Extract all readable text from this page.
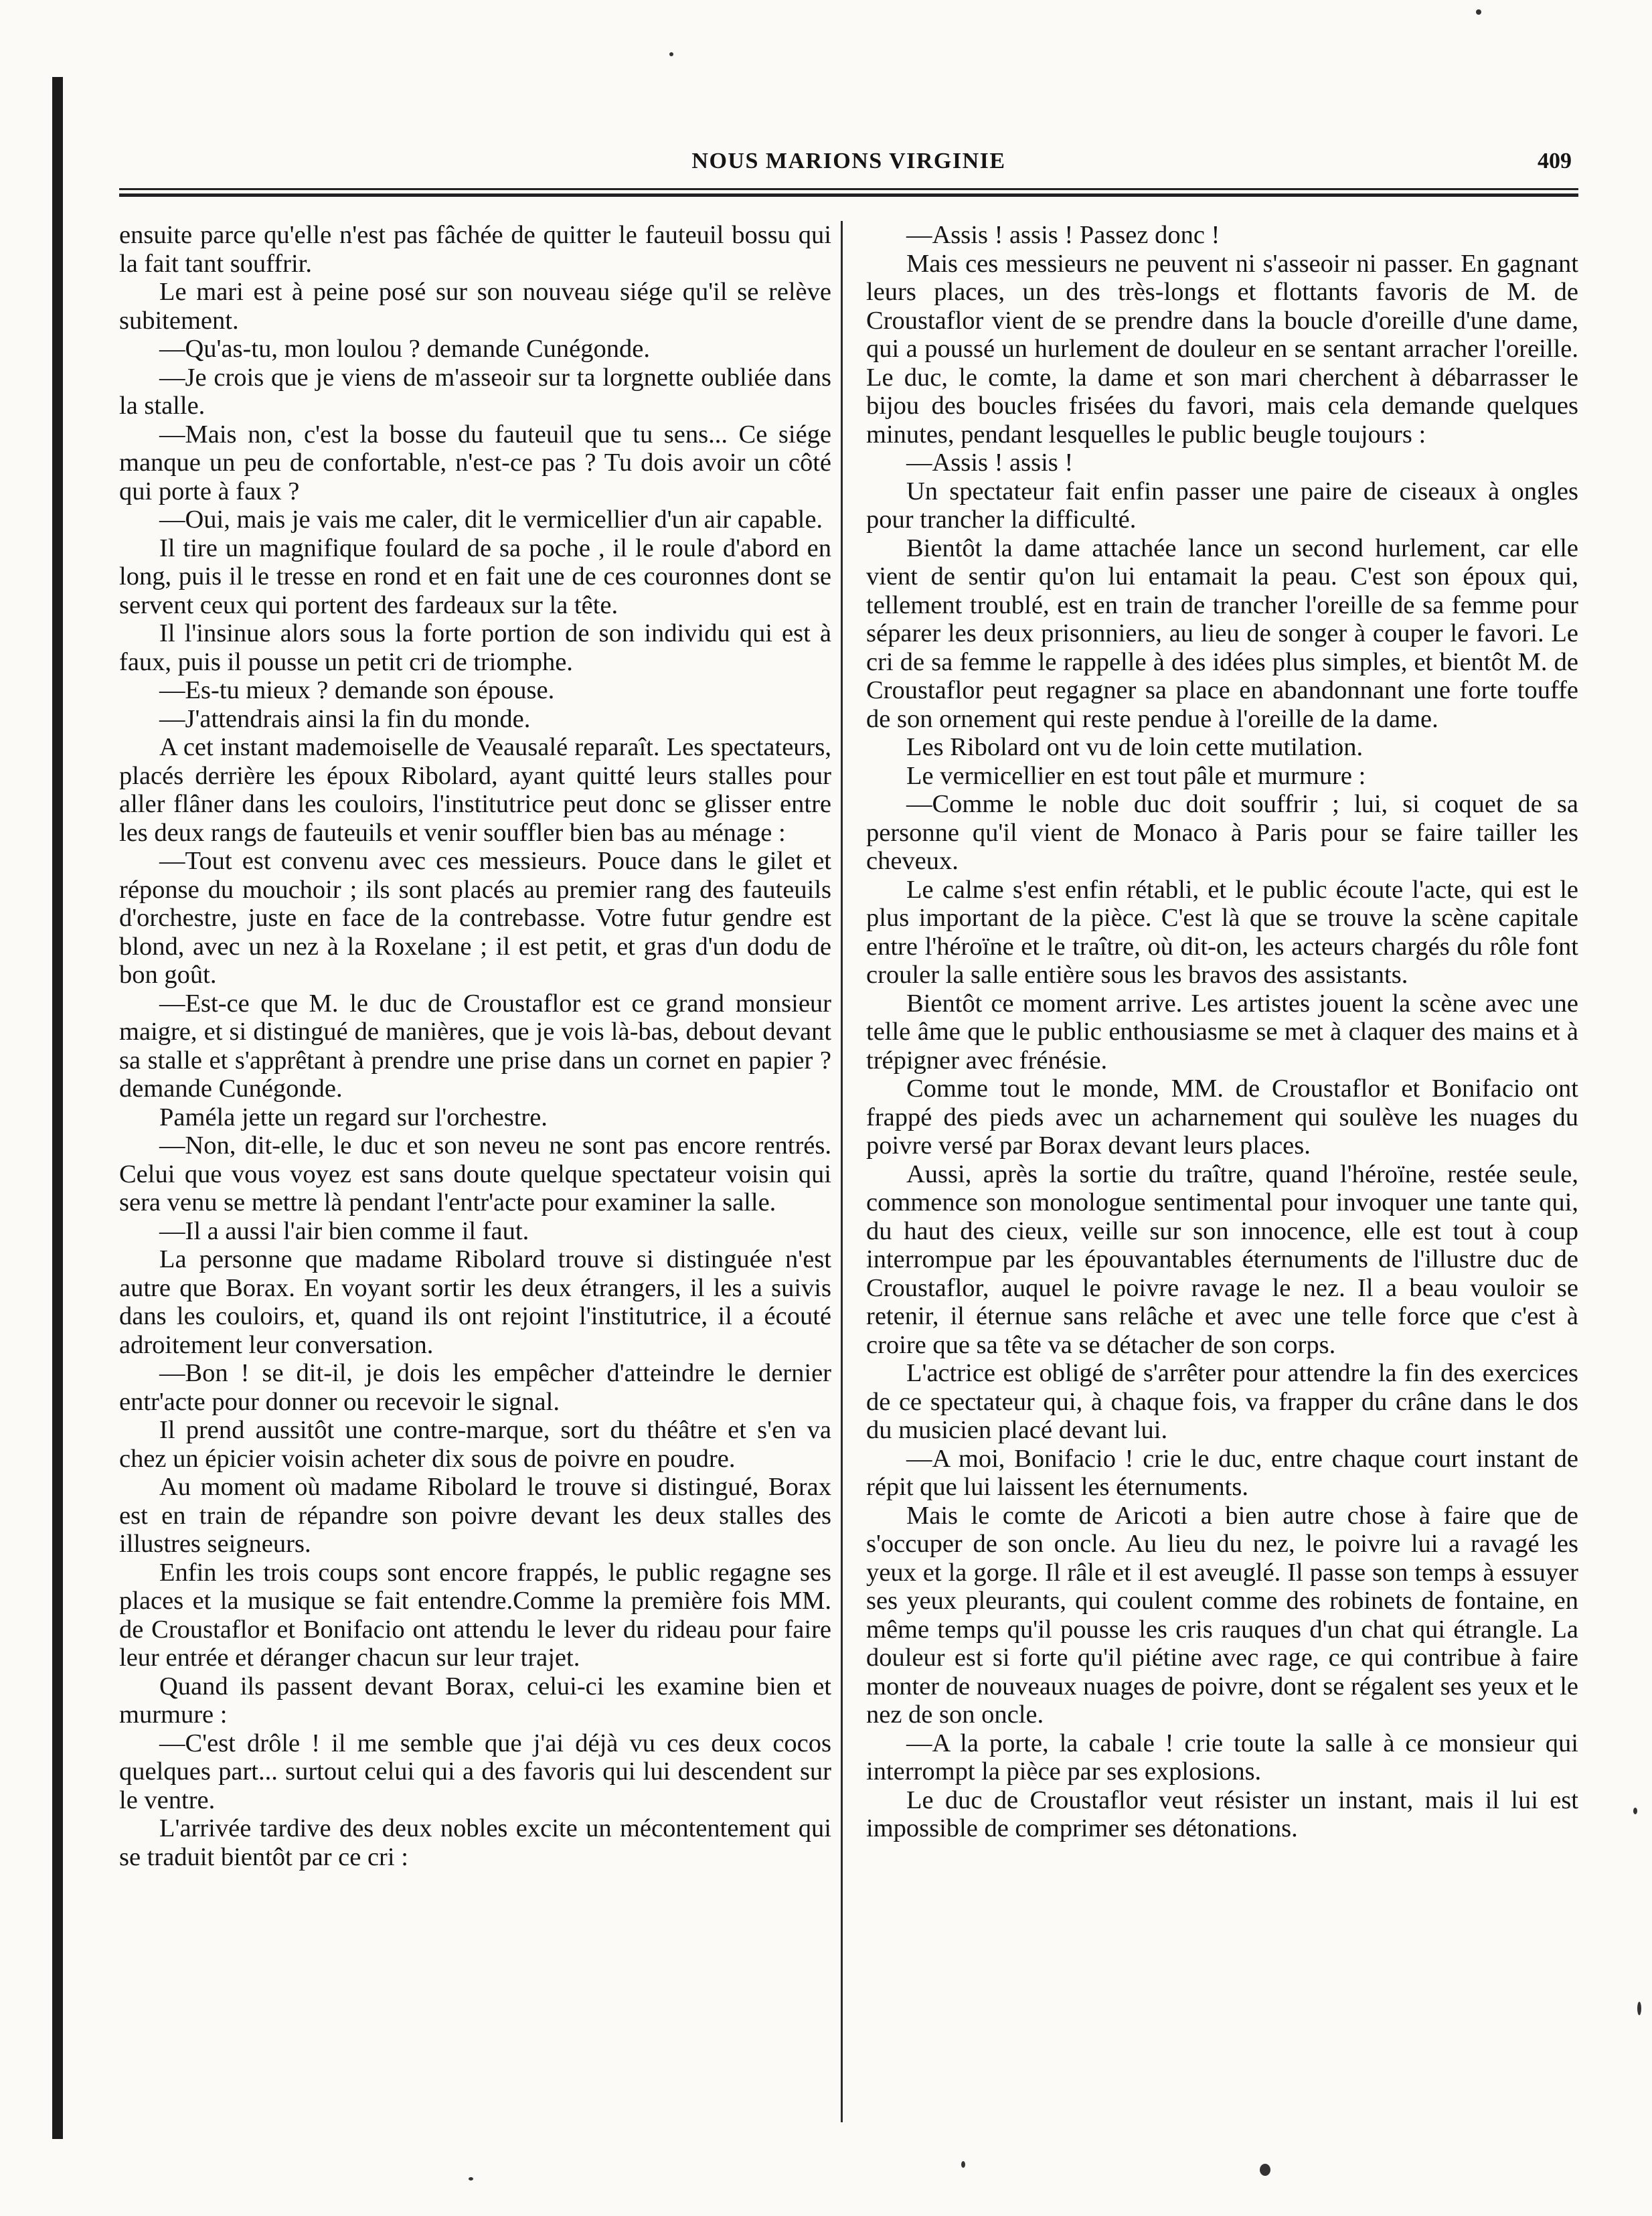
NOUS MARIONS VIRGINIE	409

ensuite parce qu'elle n'est pas fâchée de quitter le fauteuil bossu qui la fait tant souffrir.

Le mari est à peine posé sur son nouveau siége qu'il se relève subitement.

—Qu'as-tu, mon loulou ? demande Cunégonde.

—Je crois que je viens de m'asseoir sur ta lorgnette oubliée dans la stalle.

—Mais non, c'est la bosse du fauteuil que tu sens... Ce siége manque un peu de confortable, n'est-ce pas ? Tu dois avoir un côté qui porte à faux ?

—Oui, mais je vais me caler, dit le vermicellier d'un air capable.

Il tire un magnifique foulard de sa poche , il le roule d'abord en long, puis il le tresse en rond et en fait une de ces couronnes dont se servent ceux qui portent des fardeaux sur la tête.

Il l'insinue alors sous la forte portion de son individu qui est à faux, puis il pousse un petit cri de triomphe.

—Es-tu mieux ? demande son épouse.

—J'attendrais ainsi la fin du monde.

A cet instant mademoiselle de Veausalé reparaît. Les spectateurs, placés derrière les époux Ribolard, ayant quitté leurs stalles pour aller flâner dans les couloirs, l'institutrice peut donc se glisser entre les deux rangs de fauteuils et venir souffler bien bas au ménage :

—Tout est convenu avec ces messieurs. Pouce dans le gilet et réponse du mouchoir ; ils sont placés au premier rang des fauteuils d'orchestre, juste en face de la contrebasse. Votre futur gendre est blond, avec un nez à la Roxelane ; il est petit, et gras d'un dodu de bon goût.

—Est-ce que M. le duc de Croustaflor est ce grand monsieur maigre, et si distingué de manières, que je vois là-bas, debout devant sa stalle et s'apprêtant à prendre une prise dans un cornet en papier ? demande Cunégonde.

Paméla jette un regard sur l'orchestre.

—Non, dit-elle, le duc et son neveu ne sont pas encore rentrés. Celui que vous voyez est sans doute quelque spectateur voisin qui sera venu se mettre là pendant l'entr'acte pour examiner la salle.

—Il a aussi l'air bien comme il faut.

La personne que madame Ribolard trouve si distinguée n'est autre que Borax. En voyant sortir les deux étrangers, il les a suivis dans les couloirs, et, quand ils ont rejoint l'institutrice, il a écouté adroitement leur conversation.

—Bon ! se dit-il, je dois les empêcher d'atteindre le dernier entr'acte pour donner ou recevoir le signal.

Il prend aussitôt une contre-marque, sort du théâtre et s'en va chez un épicier voisin acheter dix sous de poivre en poudre.

Au moment où madame Ribolard le trouve si distingué, Borax est en train de répandre son poivre devant les deux stalles des illustres seigneurs.

Enfin les trois coups sont encore frappés, le public regagne ses places et la musique se fait entendre.Comme la première fois MM. de Croustaflor et Bonifacio ont attendu le lever du rideau pour faire leur entrée et déranger chacun sur leur trajet.

Quand ils passent devant Borax, celui-ci les examine bien et murmure :

—C'est drôle ! il me semble que j'ai déjà vu ces deux cocos quelques part... surtout celui qui a des favoris qui lui descendent sur le ventre.

L'arrivée tardive des deux nobles excite un mécontentement qui se traduit bientôt par ce cri :

—Assis ! assis ! Passez donc !

Mais ces messieurs ne peuvent ni s'asseoir ni passer. En gagnant leurs places, un des très-longs et flottants favoris de M. de Croustaflor vient de se prendre dans la boucle d'oreille d'une dame, qui a poussé un hurlement de douleur en se sentant arracher l'oreille. Le duc, le comte, la dame et son mari cherchent à débarrasser le bijou des boucles frisées du favori, mais cela demande quelques minutes, pendant lesquelles le public beugle toujours :

—Assis ! assis !

Un spectateur fait enfin passer une paire de ciseaux à ongles pour trancher la difficulté.

Bientôt la dame attachée lance un second hurlement, car elle vient de sentir qu'on lui entamait la peau. C'est son époux qui, tellement troublé, est en train de trancher l'oreille de sa femme pour séparer les deux prisonniers, au lieu de songer à couper le favori. Le cri de sa femme le rappelle à des idées plus simples, et bientôt M. de Croustaflor peut regagner sa place en abandonnant une forte touffe de son ornement qui reste pendue à l'oreille de la dame.

Les Ribolard ont vu de loin cette mutilation.

Le vermicellier en est tout pâle et murmure :

—Comme le noble duc doit souffrir ; lui, si coquet de sa personne qu'il vient de Monaco à Paris pour se faire tailler les cheveux.

Le calme s'est enfin rétabli, et le public écoute l'acte, qui est le plus important de la pièce. C'est là que se trouve la scène capitale entre l'héroïne et le traître, où dit-on, les acteurs chargés du rôle font crouler la salle entière sous les bravos des assistants.

Bientôt ce moment arrive. Les artistes jouent la scène avec une telle âme que le public enthousiasme se met à claquer des mains et à trépigner avec frénésie.

Comme tout le monde, MM. de Croustaflor et Bonifacio ont frappé des pieds avec un acharnement qui soulève les nuages du poivre versé par Borax devant leurs places.

Aussi, après la sortie du traître, quand l'héroïne, restée seule, commence son monologue sentimental pour invoquer une tante qui, du haut des cieux, veille sur son innocence, elle est tout à coup interrompue par les épouvantables éternuments de l'illustre duc de Croustaflor, auquel le poivre ravage le nez. Il a beau vouloir se retenir, il éternue sans relâche et avec une telle force que c'est à croire que sa tête va se détacher de son corps.

L'actrice est obligé de s'arrêter pour attendre la fin des exercices de ce spectateur qui, à chaque fois, va frapper du crâne dans le dos du musicien placé devant lui.

—A moi, Bonifacio ! crie le duc, entre chaque court instant de répit que lui laissent les éternuments.

Mais le comte de Aricoti a bien autre chose à faire que de s'occuper de son oncle. Au lieu du nez, le poivre lui a ravagé les yeux et la gorge. Il râle et il est aveuglé. Il passe son temps à essuyer ses yeux pleurants, qui coulent comme des robinets de fontaine, en même temps qu'il pousse les cris rauques d'un chat qui étrangle. La douleur est si forte qu'il piétine avec rage, ce qui contribue à faire monter de nouveaux nuages de poivre, dont se régalent ses yeux et le nez de son oncle.

—A la porte, la cabale ! crie toute la salle à ce monsieur qui interrompt la pièce par ses explosions.

Le duc de Croustaflor veut résister un instant, mais il lui est impossible de comprimer ses détonations.
